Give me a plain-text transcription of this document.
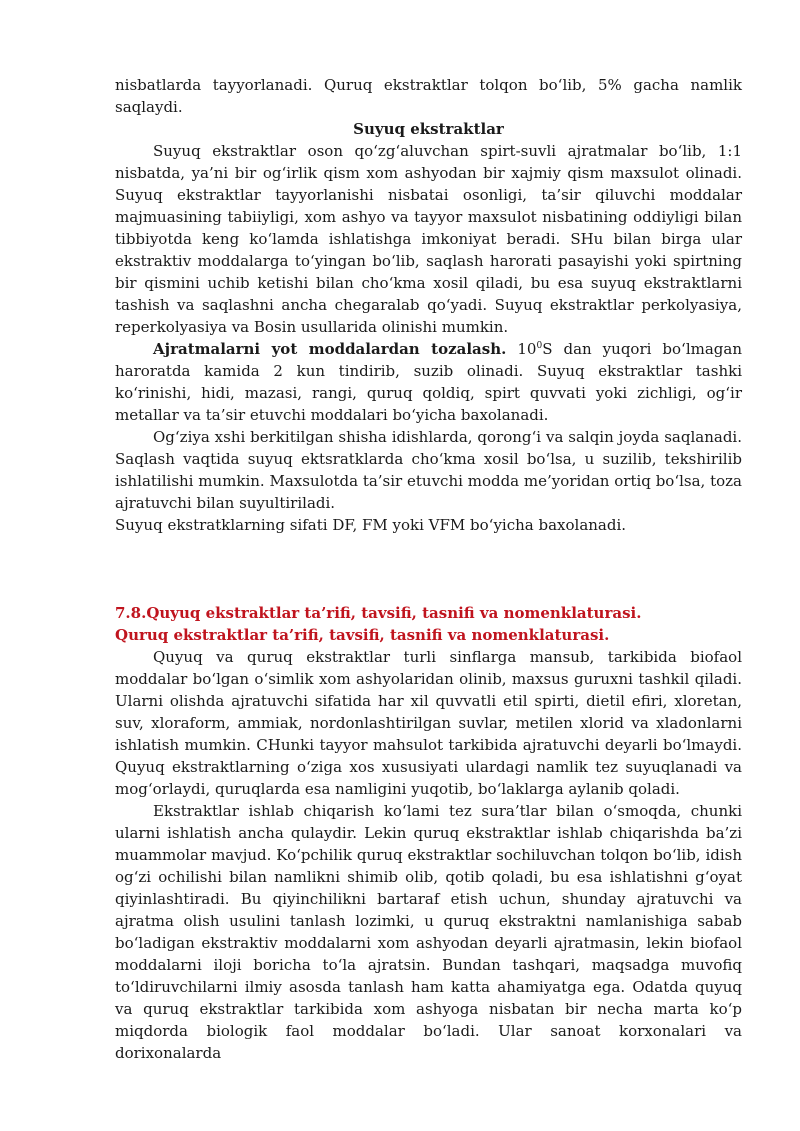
nisbatlarda tayyorlanadi. Quruq ekstraktlar tolqon bo‘lib, 5% gacha namlik saqlaydi.

Suyuq ekstraktlar

Suyuq ekstraktlar oson qo‘zg‘aluvchan spirt-suvli ajratmalar bo‘lib, 1:1 nisbatda, ya’ni bir og‘irlik qism xom ashyodan bir xajmiy qism maxsulot olinadi. Suyuq ekstraktlar tayyorlanishi nisbatai osonligi, ta’sir qiluvchi moddalar majmuasining tabiiyligi, xom ashyo va tayyor maxsulot nisbatining oddiyligi bilan tibbiyotda keng ko‘lamda ishlatishga imkoniyat beradi. SHu bilan birga ular ekstraktiv moddalarga to‘yingan bo‘lib, saqlash harorati pasayishi yoki spirtning bir qismini uchib ketishi bilan cho‘kma xosil qiladi, bu esa suyuq ekstraktlarni tashish va saqlashni ancha chegaralab qo‘yadi. Suyuq ekstraktlar perkolyasiya, reperkolyasiya va Bosin usullarida olinishi mumkin.

Ajratmalarni yot moddalardan tozalash. $10^0S$ dan yuqori bo‘lmagan haroratda kamida 2 kun tindirib, suzib olinadi. Suyuq ekstraktlar tashki ko‘rinishi, hidi, mazasi, rangi, quruq qoldiq, spirt quvvati yoki zichligi, og‘ir metallar va ta’sir etuvchi moddalari bo‘yicha baxolanadi.

Og‘ziya xshi berkitilgan shisha idishlarda, qorong‘i va salqin joyda saqlanadi. Saqlash vaqtida suyuq ektsratklarda cho‘kma xosil bo‘lsa, u suzilib, tekshirilib ishlatilishi mumkin. Maxsulotda ta’sir etuvchi modda me’yoridan ortiq bo‘lsa, toza ajratuvchi bilan suyultiriladi.

Suyuq ekstratklarning sifati DF, FM yoki VFM bo‘yicha baxolanadi.

7.8.Quyuq ekstraktlar ta’rifi, tavsifi, tasnifi va nomenklaturasi.

Quruq ekstraktlar ta’rifi, tavsifi, tasnifi va nomenklaturasi.

Quyuq va quruq ekstraktlar turli sinflarga mansub, tarkibida biofaol moddalar bo‘lgan o‘simlik xom ashyolaridan olinib, maxsus guruxni tashkil qiladi. Ularni olishda ajratuvchi sifatida har xil quvvatli etil spirti, dietil efiri, xloretan, suv, xloraform, ammiak, nordonlashtirilgan suvlar, metilen xlorid va xladonlarni ishlatish mumkin. CHunki tayyor mahsulot tarkibida ajratuvchi deyarli bo‘lmaydi. Quyuq ekstraktlarning o‘ziga xos xususiyati ulardagi namlik tez suyuqlanadi va mog‘orlaydi, quruqlarda esa namligini yuqotib, bo‘laklarga aylanib qoladi.

Ekstraktlar ishlab chiqarish ko‘lami tez sura’tlar bilan o‘smoqda, chunki ularni ishlatish ancha qulaydir. Lekin quruq ekstraktlar ishlab chiqarishda ba’zi muammolar mavjud. Ko‘pchilik quruq ekstraktlar sochiluvchan tolqon bo‘lib, idish og‘zi ochilishi bilan namlikni shimib olib, qotib qoladi, bu esa ishlatishni g‘oyat qiyinlashtiradi. Bu qiyinchilikni bartaraf etish uchun, shunday ajratuvchi va ajratma olish usulini tanlash lozimki, u quruq ekstraktni namlanishiga sabab bo‘ladigan ekstraktiv moddalarni xom ashyodan deyarli ajratmasin, lekin biofaol moddalarni iloji boricha to‘la ajratsin. Bundan tashqari, maqsadga muvofiq to‘ldiruvchilarni ilmiy asosda tanlash ham katta ahamiyatga ega. Odatda quyuq va quruq ekstraktlar tarkibida xom ashyoga nisbatan bir necha marta ko‘p miqdorda biologik faol moddalar bo‘ladi. Ular sanoat korxonalari va dorixonalarda
